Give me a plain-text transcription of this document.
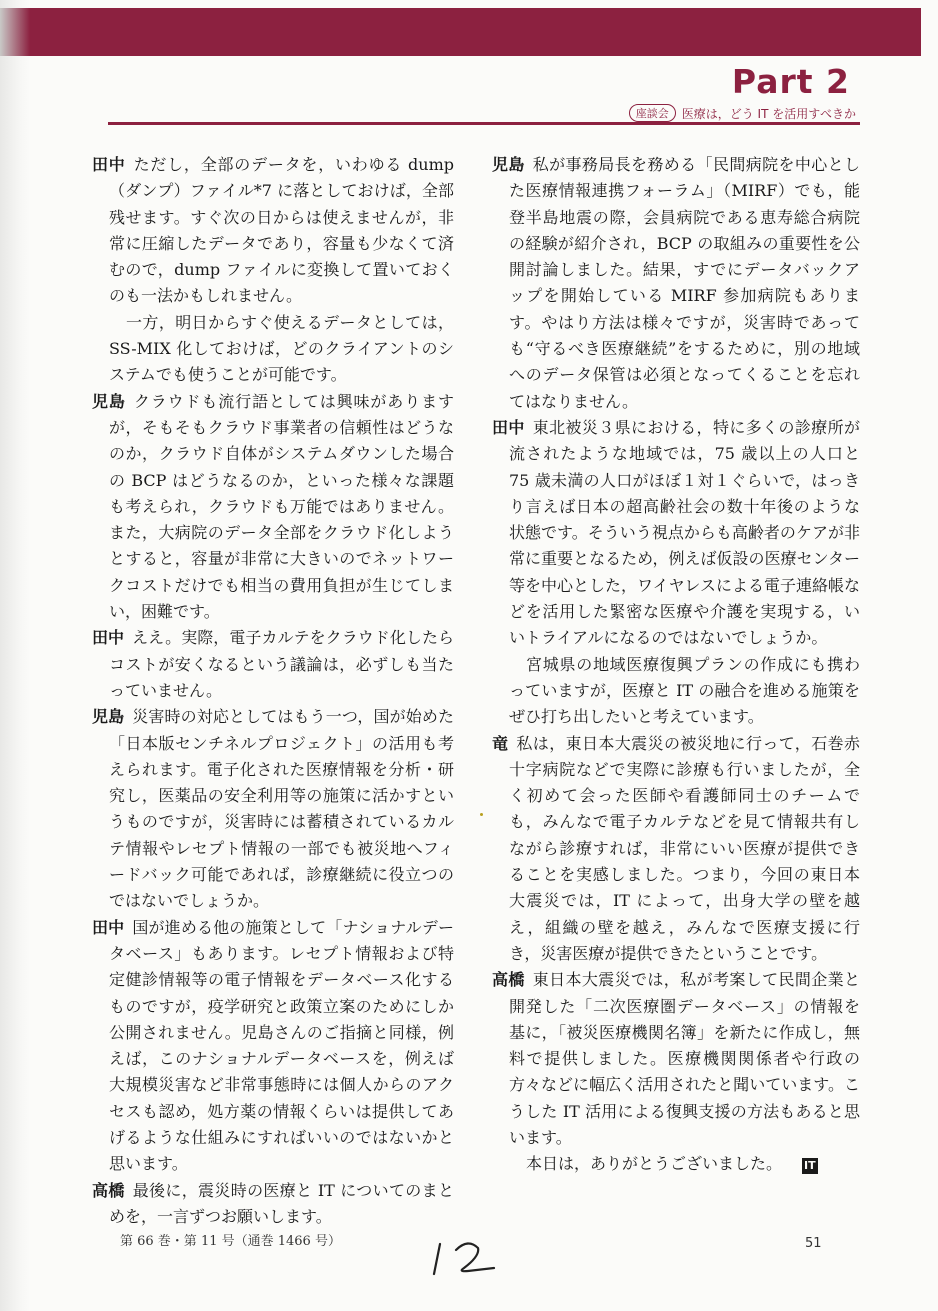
Part 2
座談会	医療は，どう IT を活用すべきか

田中 ただし，全部のデータを，いわゆる dump（ダンプ）ファイル*7 に落としておけば，全部残せます。すぐ次の日からは使えませんが，非常に圧縮したデータであり，容量も少なくて済むので，dump ファイルに変換して置いておくのも一法かもしれません。

一方，明日からすぐ使えるデータとしては，SS-MIX 化しておけば，どのクライアントのシステムでも使うことが可能です。

児島 クラウドも流行語としては興味がありますが，そもそもクラウド事業者の信頼性はどうなのか，クラウド自体がシステムダウンした場合の BCP はどうなるのか，といった様々な課題も考えられ，クラウドも万能ではありません。また，大病院のデータ全部をクラウド化しようとすると，容量が非常に大きいのでネットワークコストだけでも相当の費用負担が生じてしまい，困難です。

田中 ええ。実際，電子カルテをクラウド化したらコストが安くなるという議論は，必ずしも当たっていません。

児島 災害時の対応としてはもう一つ，国が始めた「日本版センチネルプロジェクト」の活用も考えられます。電子化された医療情報を分析・研究し，医薬品の安全利用等の施策に活かすというものですが，災害時には蓄積されているカルテ情報やレセプト情報の一部でも被災地へフィードバック可能であれば，診療継続に役立つのではないでしょうか。

田中 国が進める他の施策として「ナショナルデータベース」もあります。レセプト情報および特定健診情報等の電子情報をデータベース化するものですが，疫学研究と政策立案のためにしか公開されません。児島さんのご指摘と同様，例えば，このナショナルデータベースを，例えば大規模災害など非常事態時には個人からのアクセスも認め，処方薬の情報くらいは提供してあげるような仕組みにすればいいのではないかと思います。

高橋 最後に，震災時の医療と IT についてのまとめを，一言ずつお願いします。

児島 私が事務局長を務める「民間病院を中心とした医療情報連携フォーラム」（MIRF）でも，能登半島地震の際，会員病院である恵寿総合病院の経験が紹介され，BCP の取組みの重要性を公開討論しました。結果，すでにデータバックアップを開始している MIRF 参加病院もあります。やはり方法は様々ですが，災害時であっても“守るべき医療継続”をするために，別の地域へのデータ保管は必須となってくることを忘れてはなりません。

田中 東北被災３県における，特に多くの診療所が流されたような地域では，75 歳以上の人口と 75 歳未満の人口がほぼ１対１ぐらいで，はっきり言えば日本の超高齢社会の数十年後のような状態です。そういう視点からも高齢者のケアが非常に重要となるため，例えば仮設の医療センター等を中心とした，ワイヤレスによる電子連絡帳などを活用した緊密な医療や介護を実現する，いいトライアルになるのではないでしょうか。

宮城県の地域医療復興プランの作成にも携わっていますが，医療と IT の融合を進める施策をぜひ打ち出したいと考えています。

竜 私は，東日本大震災の被災地に行って，石巻赤十字病院などで実際に診療も行いましたが，全く初めて会った医師や看護師同士のチームでも，みんなで電子カルテなどを見て情報共有しながら診療すれば，非常にいい医療が提供できることを実感しました。つまり，今回の東日本大震災では，IT によって，出身大学の壁を越え，組織の壁を越え，みんなで医療支援に行き，災害医療が提供できたということです。

高橋 東日本大震災では，私が考案して民間企業と開発した「二次医療圏データベース」の情報を基に，「被災医療機関名簿」を新たに作成し，無料で提供しました。医療機関関係者や行政の方々などに幅広く活用されたと聞いています。こうした IT 活用による復興支援の方法もあると思います。

本日は，ありがとうございました。 IT

第 66 巻・第 11 号（通巻 1466 号）	51
